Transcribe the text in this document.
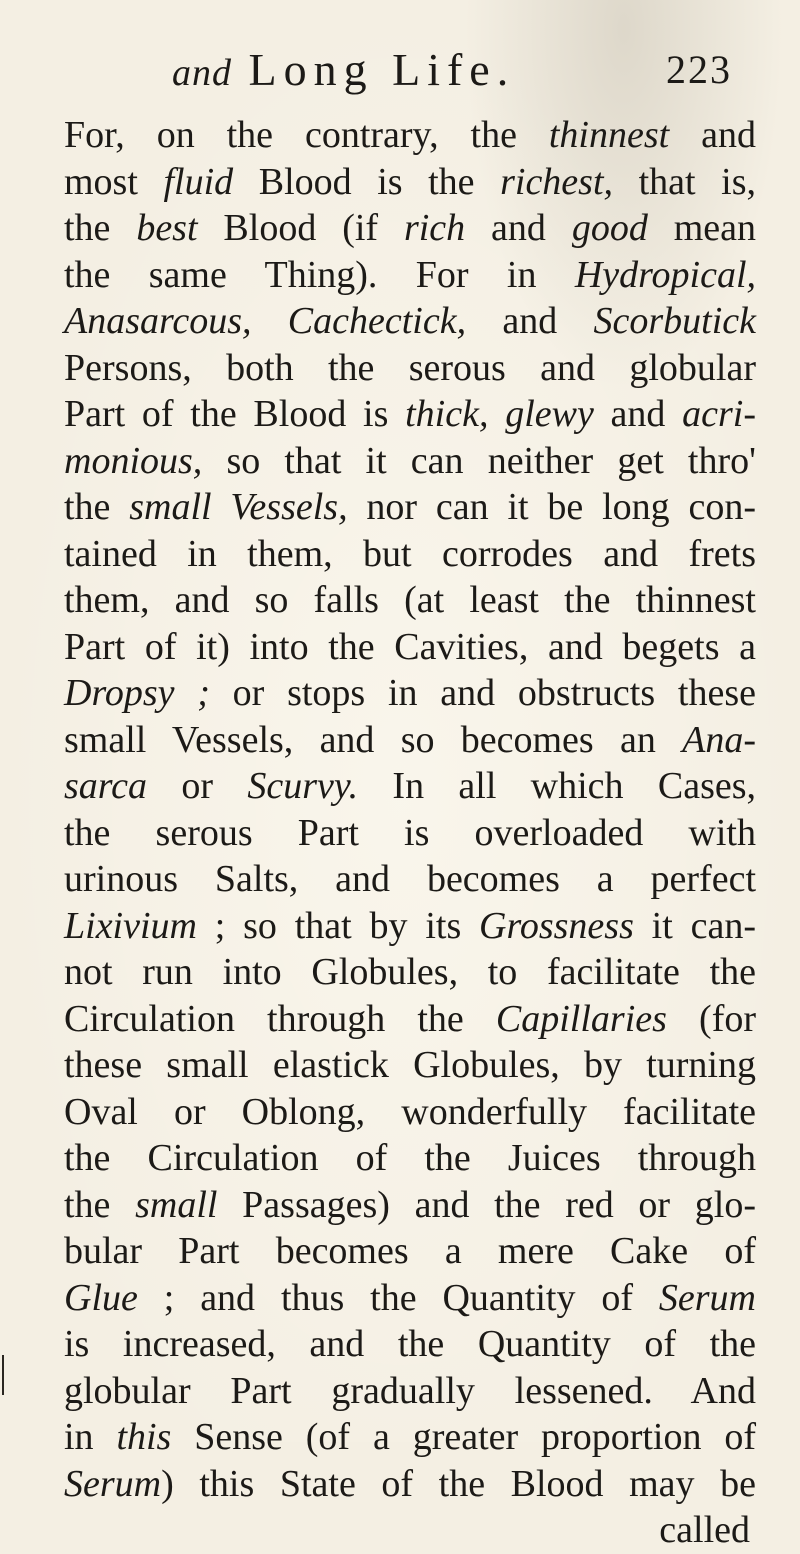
and Long Life.	223
For, on the contrary, the thinnest and
most fluid Blood is the richest, that is,
the best Blood (if rich and good mean
the same Thing). For in Hydropical,
Anasarcous, Cachectick, and Scorbutick
Persons, both the serous and globular
Part of the Blood is thick, glewy and acri-
monious, so that it can neither get thro'
the small Vessels, nor can it be long con-
tained in them, but corrodes and frets
them, and so falls (at least the thinnest
Part of it) into the Cavities, and begets a
Dropsy ; or stops in and obstructs these
small Vessels, and so becomes an Ana-
sarca or Scurvy. In all which Cases,
the serous Part is overloaded with
urinous Salts, and becomes a perfect
Lixivium ; so that by its Grossness it can-
not run into Globules, to facilitate the
Circulation through the Capillaries (for
these small elastick Globules, by turning
Oval or Oblong, wonderfully facilitate
the Circulation of the Juices through
the small Passages) and the red or glo-
bular Part becomes a mere Cake of
Glue ; and thus the Quantity of Serum
is increased, and the Quantity of the
globular Part gradually lessened. And
in this Sense (of a greater proportion of
Serum) this State of the Blood may be
called
